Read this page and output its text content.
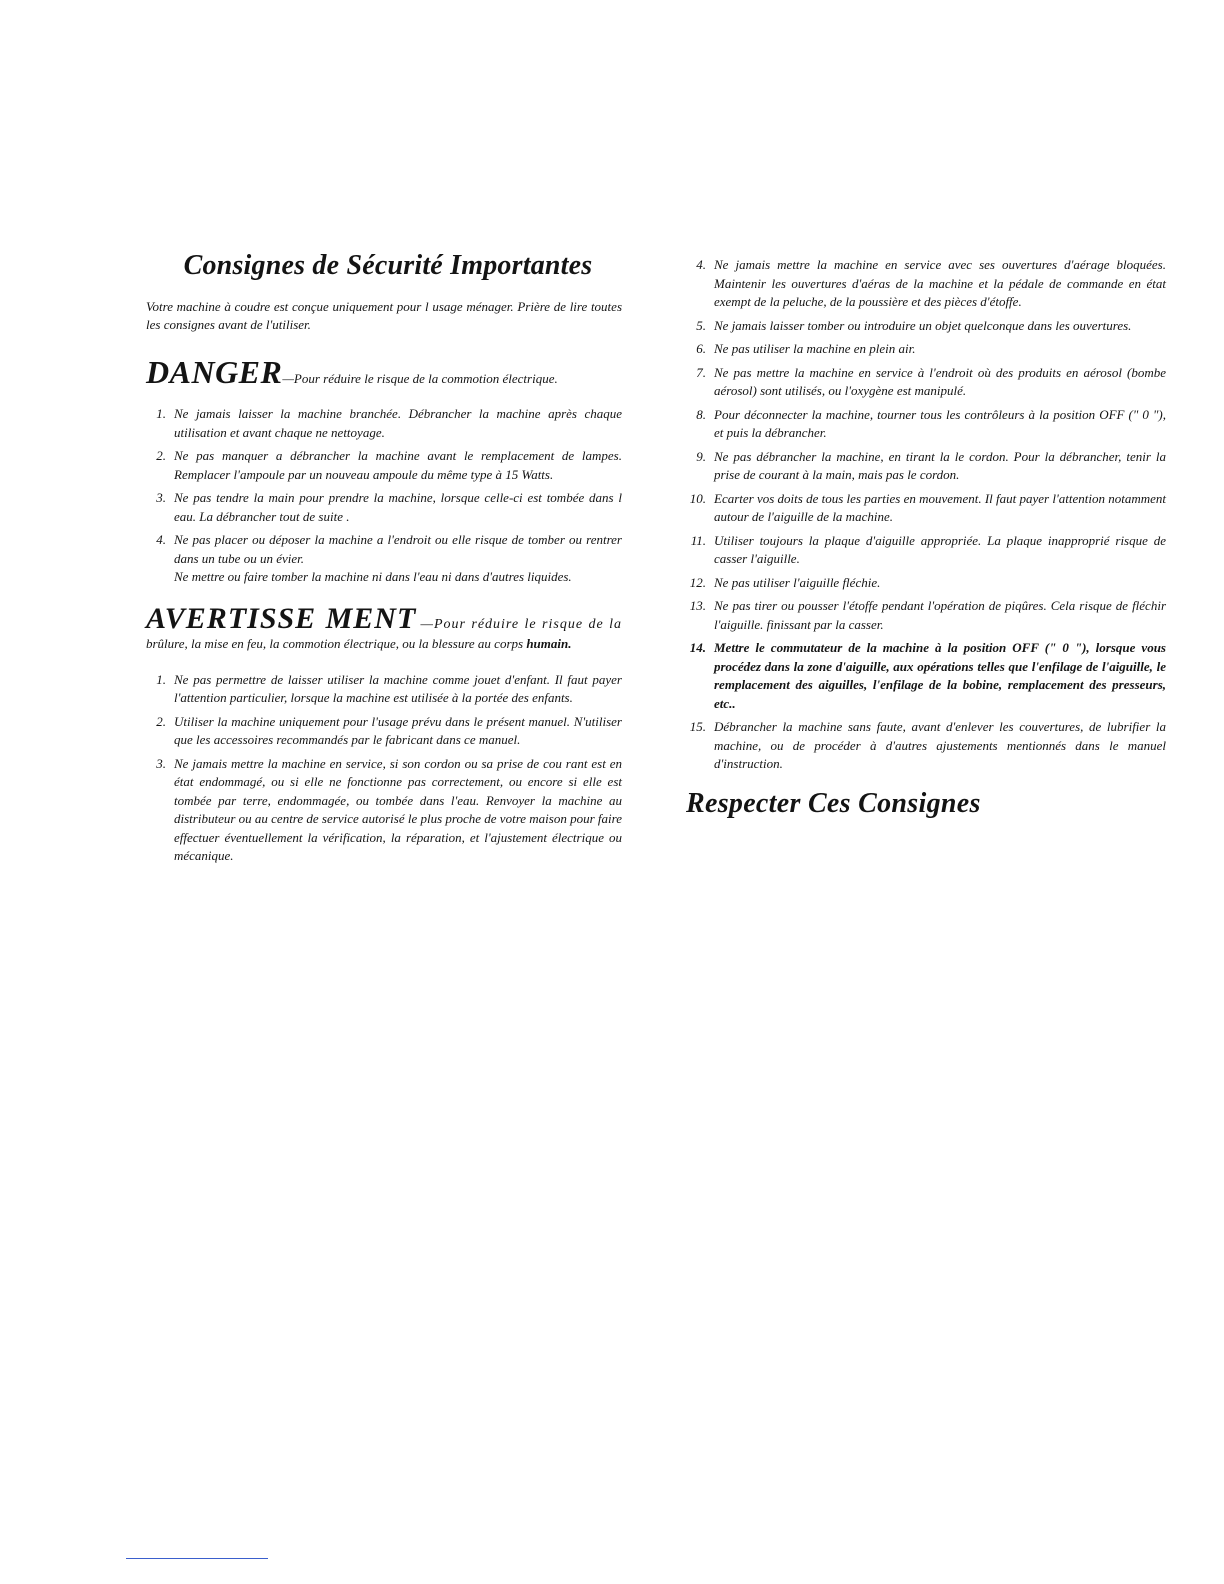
Consignes de Sécurité Importantes
Votre machine à coudre est conçue uniquement pour l usage ménager. Prière de lire toutes les consignes avant de l'utiliser.
DANGER—Pour réduire le risque de la commotion électrique.
1. Ne jamais laisser la machine branchée. Débrancher la machine après chaque utilisation et avant chaque ne nettoyage.
2. Ne pas manquer a débrancher la machine avant le remplacement de lampes. Remplacer l'ampoule par un nouveau ampoule du même type à 15 Watts.
3. Ne pas tendre la main pour prendre la machine, lorsque celle-ci est tombée dans l eau. La débrancher tout de suite .
4. Ne pas placer ou déposer la machine a l'endroit ou elle risque de tomber ou rentrer dans un tube ou un évier.
Ne mettre ou faire tomber la machine ni dans l'eau ni dans d'autres liquides.
AVERTISSE MENT —Pour réduire le risque de la brûlure, la mise en feu, la commotion électrique, ou la blessure au corps humain.
1. Ne pas permettre de laisser utiliser la machine comme jouet d'enfant. Il faut payer l'attention particulier, lorsque la machine est utilisée à la portée des enfants.
2. Utiliser la machine uniquement pour l'usage prévu dans le présent manuel. N'utiliser que les accessoires recommandés par le fabricant dans ce manuel.
3. Ne jamais mettre la machine en service, si son cordon ou sa prise de cou rant est en état endommagé, ou si elle ne fonctionne pas correctement, ou encore si elle est tombée par terre, endommagée, ou tombée dans l'eau. Renvoyer la machine au distributeur ou au centre de service autorisé le plus proche de votre maison pour faire effectuer éventuellement la vérification, la réparation, et l'ajustement électrique ou mécanique.
4. Ne jamais mettre la machine en service avec ses ouvertures d'aérage bloquées. Maintenir les ouvertures d'aéras de la machine et la pédale de commande en état exempt de la peluche, de la poussière et des pièces d'étoffe.
5. Ne jamais laisser tomber ou introduire un objet quelconque dans les ouvertures.
6. Ne pas utiliser la machine en plein air.
7. Ne pas mettre la machine en service à l'endroit où des produits en aérosol (bombe aérosol) sont utilisés, ou l'oxygène est manipulé.
8. Pour déconnecter la machine, tourner tous les contrôleurs à la position OFF (" 0 "), et puis la débrancher.
9. Ne pas débrancher la machine, en tirant la le cordon. Pour la débrancher, tenir la prise de courant à la main, mais pas le cordon.
10. Ecarter vos doits de tous les parties en mouvement. Il faut payer l'attention notamment autour de l'aiguille de la machine.
11. Utiliser toujours la plaque d'aiguille appropriée. La plaque inapproprié risque de casser l'aiguille.
12. Ne pas utiliser l'aiguille fléchie.
13. Ne pas tirer ou pousser l'étoffe pendant l'opération de piqûres. Cela risque de fléchir l'aiguille. finissant par la casser.
14. Mettre le commutateur de la machine à la position OFF (" 0 "), lorsque vous procédez dans la zone d'aiguille, aux opérations telles que l'enfilage de l'aiguille, le remplacement des aiguilles, l'enfilage de la bobine, remplacement des presseurs, etc..
15. Débrancher la machine sans faute, avant d'enlever les couvertures, de lubrifier la machine, ou de procéder à d'autres ajustements mentionnés dans le manuel d'instruction.
Respecter Ces Consignes
